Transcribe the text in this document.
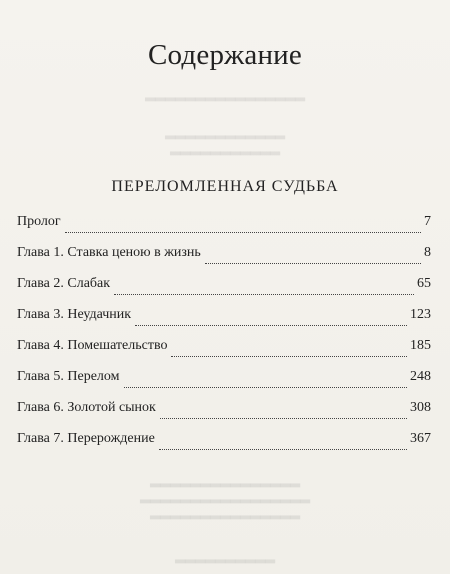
▂▂▂▂▂▂▂▂▂▂▂▂▂▂▂▂
▂▂▂▂▂▂▂▂▂▂▂▂
▂▂▂▂▂▂▂▂▂▂▂
▂▂▂▂▂▂▂▂▂▂▂▂▂▂▂
▂▂▂▂▂▂▂▂▂▂▂▂▂▂▂▂▂
▂▂▂▂▂▂▂▂▂▂▂▂▂▂▂
▂▂▂▂▂▂▂▂▂▂
Содержание
ПЕРЕЛОМЛЕННАЯ СУДЬБА
Пролог	7
Глава 1. Ставка ценою в жизнь	8
Глава 2. Слабак	65
Глава 3. Неудачник	123
Глава 4. Помешательство	185
Глава 5. Перелом	248
Глава 6. Золотой сынок	308
Глава 7. Перерождение	367
